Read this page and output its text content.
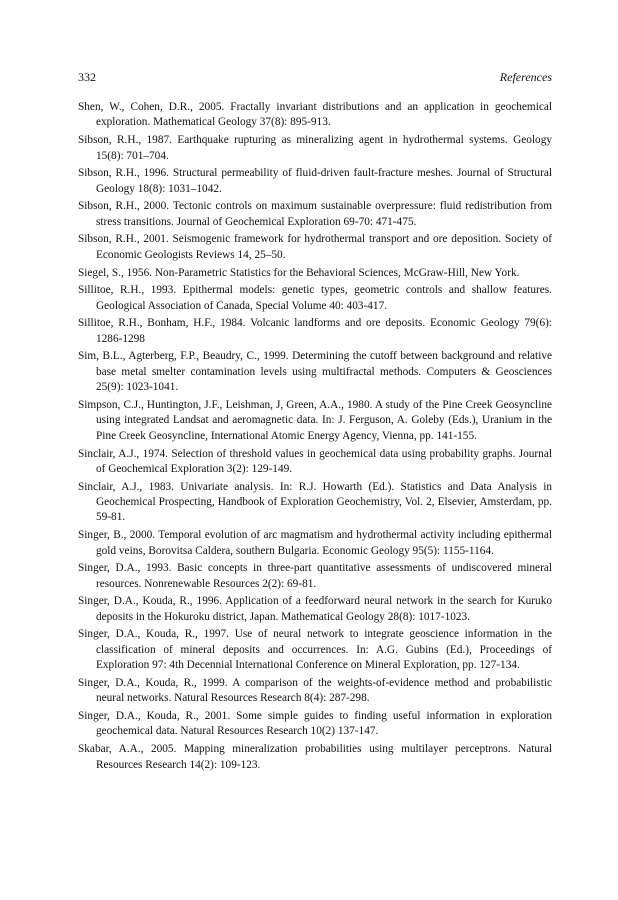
332	References
Shen, W., Cohen, D.R., 2005. Fractally invariant distributions and an application in geochemical exploration. Mathematical Geology 37(8): 895-913.
Sibson, R.H., 1987. Earthquake rupturing as mineralizing agent in hydrothermal systems. Geology 15(8): 701–704.
Sibson, R.H., 1996. Structural permeability of fluid-driven fault-fracture meshes. Journal of Structural Geology 18(8): 1031–1042.
Sibson, R.H., 2000. Tectonic controls on maximum sustainable overpressure: fluid redistribution from stress transitions. Journal of Geochemical Exploration 69-70: 471-475.
Sibson, R.H., 2001. Seismogenic framework for hydrothermal transport and ore deposition. Society of Economic Geologists Reviews 14, 25–50.
Siegel, S., 1956. Non-Parametric Statistics for the Behavioral Sciences, McGraw-Hill, New York.
Sillitoe, R.H., 1993. Epithermal models: genetic types, geometric controls and shallow features. Geological Association of Canada, Special Volume 40: 403-417.
Sillitoe, R.H., Bonham, H.F., 1984. Volcanic landforms and ore deposits. Economic Geology 79(6): 1286-1298
Sim, B.L., Agterberg, F.P., Beaudry, C., 1999. Determining the cutoff between background and relative base metal smelter contamination levels using multifractal methods. Computers & Geosciences 25(9): 1023-1041.
Simpson, C.J., Huntington, J.F., Leishman, J, Green, A.A., 1980. A study of the Pine Creek Geosyncline using integrated Landsat and aeromagnetic data. In: J. Ferguson, A. Goleby (Eds.), Uranium in the Pine Creek Geosyncline, International Atomic Energy Agency, Vienna, pp. 141-155.
Sinclair, A.J., 1974. Selection of threshold values in geochemical data using probability graphs. Journal of Geochemical Exploration 3(2): 129-149.
Sinclair, A.J., 1983. Univariate analysis. In: R.J. Howarth (Ed.). Statistics and Data Analysis in Geochemical Prospecting, Handbook of Exploration Geochemistry, Vol. 2, Elsevier, Amsterdam, pp. 59-81.
Singer, B., 2000. Temporal evolution of arc magmatism and hydrothermal activity including epithermal gold veins, Borovitsa Caldera, southern Bulgaria. Economic Geology 95(5): 1155-1164.
Singer, D.A., 1993. Basic concepts in three-part quantitative assessments of undiscovered mineral resources. Nonrenewable Resources 2(2): 69-81.
Singer, D.A., Kouda, R., 1996. Application of a feedforward neural network in the search for Kuruko deposits in the Hokuroku district, Japan. Mathematical Geology 28(8): 1017-1023.
Singer, D.A., Kouda, R., 1997. Use of neural network to integrate geoscience information in the classification of mineral deposits and occurrences. In: A.G. Gubins (Ed.), Proceedings of Exploration 97: 4th Decennial International Conference on Mineral Exploration, pp. 127-134.
Singer, D.A., Kouda, R., 1999. A comparison of the weights-of-evidence method and probabilistic neural networks. Natural Resources Research 8(4): 287-298.
Singer, D.A., Kouda, R., 2001. Some simple guides to finding useful information in exploration geochemical data. Natural Resources Research 10(2) 137-147.
Skabar, A.A., 2005. Mapping mineralization probabilities using multilayer perceptrons. Natural Resources Research 14(2): 109-123.
